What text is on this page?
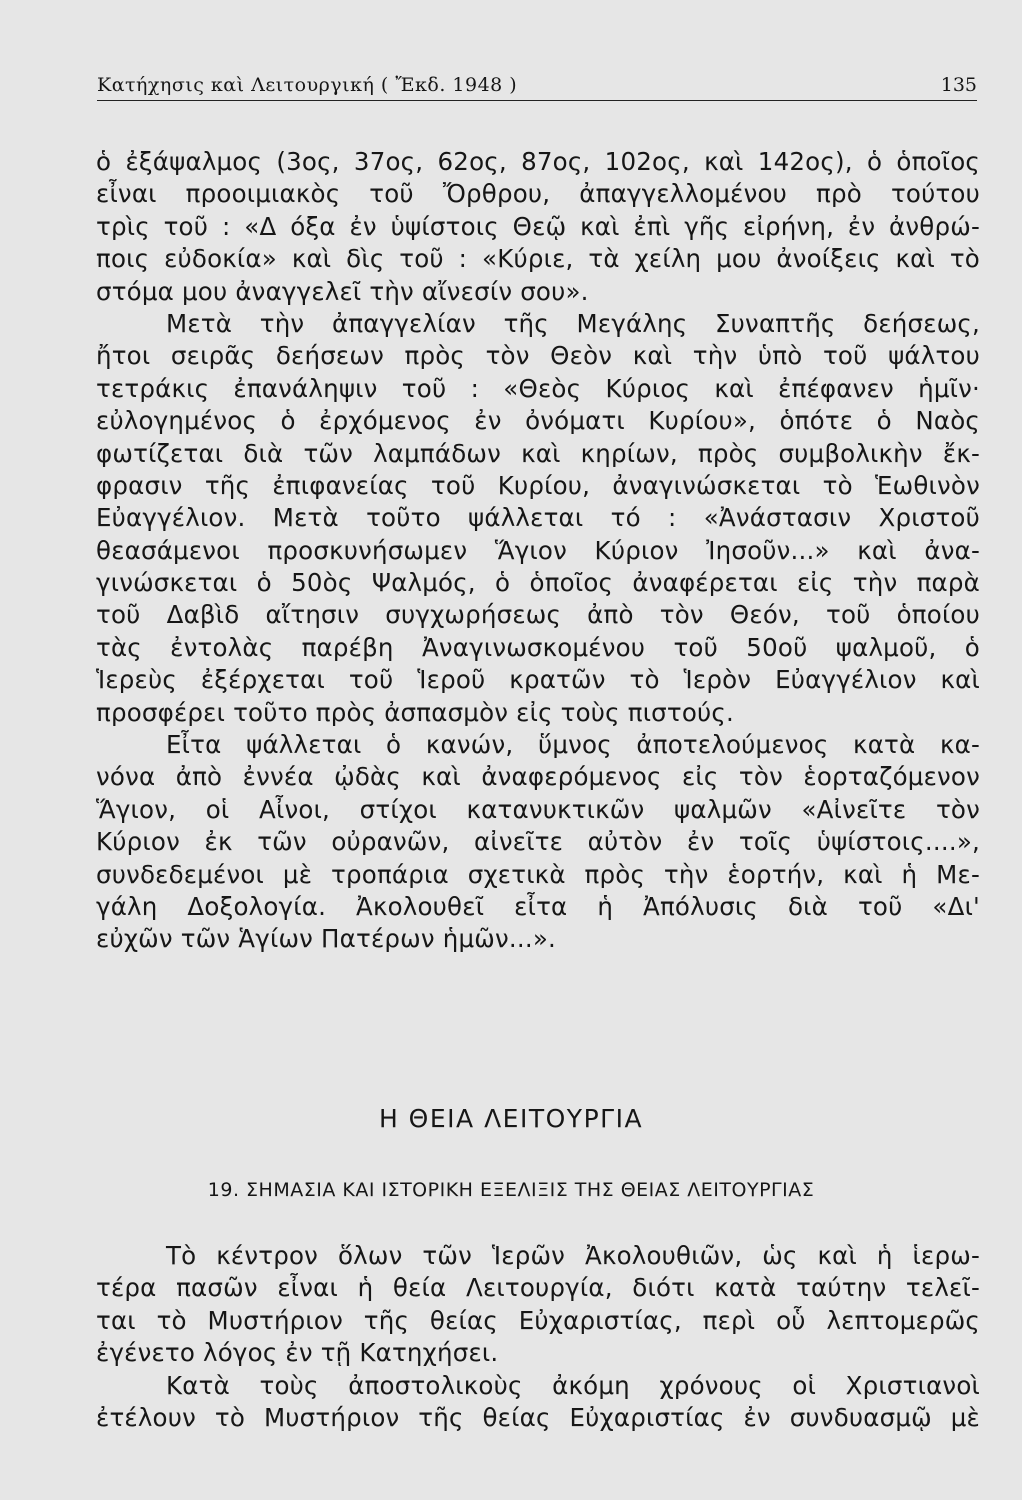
Κατήχησις καὶ Λειτουργική ( Ἔκδ. 1948 )	135
ὁ ἐξάψαλμος (3ος, 37ος, 62ος, 87ος, 102ος, καὶ 142ος), ὁ ὁποῖος
εἶναι προοιμιακὸς τοῦ Ὄρθρου, ἀπαγγελλομένου πρὸ τούτου
τρὶς τοῦ : «Δ όξα ἐν ὑψίστοις Θεῷ καὶ ἐπὶ γῆς εἰρήνη, ἐν ἀνθρώ-
ποις εὐδοκία» καὶ δὶς τοῦ : «Κύριε, τὰ χείλη μου ἀνοίξεις καὶ τὸ
στόμα μου ἀναγγελεῖ τὴν αἴνεσίν σου».
Μετὰ τὴν ἀπαγγελίαν τῆς Μεγάλης Συναπτῆς δεήσεως,
ἤτοι σειρᾶς δεήσεων πρὸς τὸν Θεὸν καὶ τὴν ὑπὸ τοῦ ψάλτου
τετράκις ἐπανάληψιν τοῦ : «Θεὸς Κύριος καὶ ἐπέφανεν ἡμῖν·
εὐλογημένος ὁ ἐρχόμενος ἐν ὀνόματι Κυρίου», ὁπότε ὁ Ναὸς
φωτίζεται διὰ τῶν λαμπάδων καὶ κηρίων, πρὸς συμβολικὴν ἔκ-
φρασιν τῆς ἐπιφανείας τοῦ Κυρίου, ἀναγινώσκεται τὸ Ἑωθινὸν
Εὐαγγέλιον. Μετὰ τοῦτο ψάλλεται τό : «Ἀνάστασιν Χριστοῦ
θεασάμενοι προσκυνήσωμεν Ἅγιον Κύριον Ἰησοῦν...» καὶ ἀνα-
γινώσκεται ὁ 50ὸς Ψαλμός, ὁ ὁποῖος ἀναφέρεται εἰς τὴν παρὰ
τοῦ Δαβὶδ αἴτησιν συγχωρήσεως ἀπὸ τὸν Θεόν, τοῦ ὁποίου
τὰς ἐντολὰς παρέβη Ἀναγινωσκομένου τοῦ 50οῦ ψαλμοῦ, ὁ
Ἱερεὺς ἐξέρχεται τοῦ Ἱεροῦ κρατῶν τὸ Ἱερὸν Εὐαγγέλιον καὶ
προσφέρει τοῦτο πρὸς ἀσπασμὸν εἰς τοὺς πιστούς.
Εἶτα ψάλλεται ὁ κανών, ὕμνος ἀποτελούμενος κατὰ κα-
νόνα ἀπὸ ἐννέα ᾠδὰς καὶ ἀναφερόμενος εἰς τὸν ἑορταζόμενον
Ἅγιον, οἱ Αἶνοι, στίχοι κατανυκτικῶν ψαλμῶν «Αἰνεῖτε τὸν
Κύριον ἐκ τῶν οὐρανῶν, αἰνεῖτε αὐτὸν ἐν τοῖς ὑψίστοις....»,
συνδεδεμένοι μὲ τροπάρια σχετικὰ πρὸς τὴν ἑορτήν, καὶ ἡ Με-
γάλη Δοξολογία. Ἀκολουθεῖ εἶτα ἡ Ἀπόλυσις διὰ τοῦ «Δι'
εὐχῶν τῶν Ἁγίων Πατέρων ἡμῶν...».
Η ΘΕΙΑ ΛΕΙΤΟΥΡΓΙΑ
19. ΣΗΜΑΣΙΑ ΚΑΙ ΙΣΤΟΡΙΚΗ ΕΞΕΛΙΞΙΣ ΤΗΣ ΘΕΙΑΣ ΛΕΙΤΟΥΡΓΙΑΣ
Τὸ κέντρον ὅλων τῶν Ἱερῶν Ἀκολουθιῶν, ὡς καὶ ἡ ἱερω-
τέρα πασῶν εἶναι ἡ θεία Λειτουργία, διότι κατὰ ταύτην τελεῖ-
ται τὸ Μυστήριον τῆς θείας Εὐχαριστίας, περὶ οὗ λεπτομερῶς
ἐγένετο λόγος ἐν τῇ Κατηχήσει.
Κατὰ τοὺς ἀποστολικοὺς ἀκόμη χρόνους οἱ Χριστιανοὶ
ἐτέλουν τὸ Μυστήριον τῆς θείας Εὐχαριστίας ἐν συνδυασμῷ μὲ
